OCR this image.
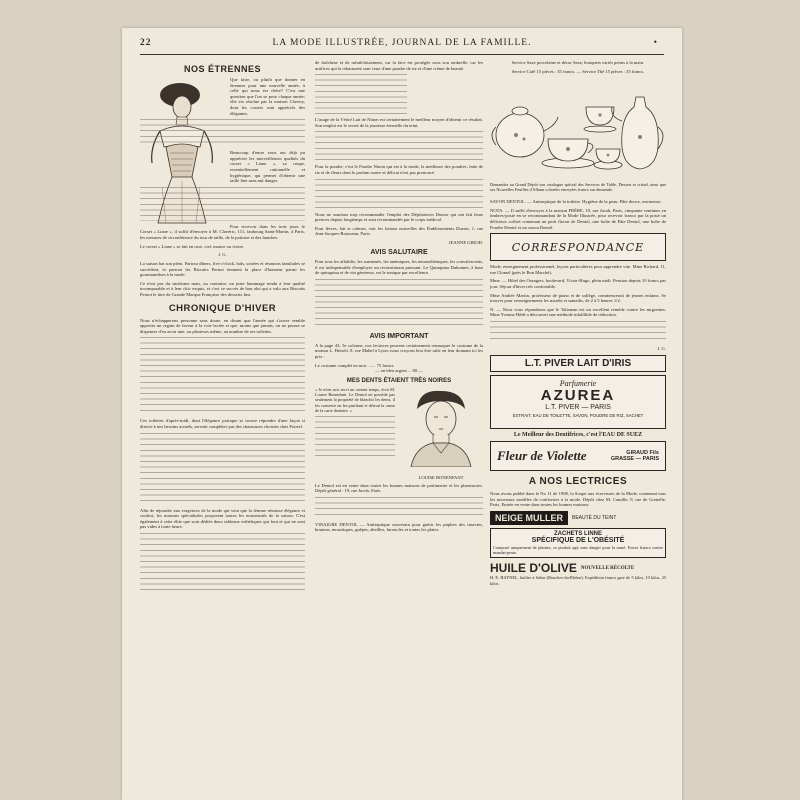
22	LA MODE ILLUSTRÉE, JOURNAL DE LA FAMILLE.	•
NOS ÉTRENNES

Que faire, ou plutôt que donner en étrennes pour une nouvelle année, à celle qui nous est chère? C'est une question que l'on se pose chaque année; elle est résolue par la maison Clavery, dont les corsets sont appréciés des élégantes.

Beaucoup d'entre vous ont déjà pu apprécier les merveilleuses qualités du corset « Liane », sa coupe, essentiellement rationnelle et hygiénique, qui permet d'obtenir une taille fine sans nul danger.

Pour recevoir dans les trois jours le Corset « Liane », il suffit d'envoyer à M. Clavéric, 111, faubourg Saint-Martin, à Paris, les mesures de circonférence du tour de taille, de la poitrine et des hanches.

Le corset « Liane » se fait en rose, ciel, mauve ou ivoire.

J. G.

La saison bat son plein. Partout dîners, five o'clock, bals, soirées et réunions familiales se succèdent, et partout les Biscuits Pernot tiennent la place d'honneur parmi les gourmandises à la mode.

Ce n'est pas du snobisme mais, au contraire, un juste hommage rendu à leur qualité incomparable et à leur chic exquis, et c'est ce succès de bon aloi qui a valu aux Biscuits Pernot le titre de Grande Marque Française des desserts fins.

CHRONIQUE D'HIVER

Nous n'échapperons personne sans doute, en disant que l'année qui s'ouvre semble apporter un regain de faveur à la voie lactée et que, moins que jamais, on ne pourra se dispenser d'en avoir une, ou plusieurs même, au nombre de ses toilettes.

Ces toilettes d'après-midi, dont l'élégance pratique se trouve répondre d'une façon si directe à nos besoins actuels, servent complètes par des chaussures choisies chez Poirrel.

Afin de répondre aux exigences de la mode qui veut que la femme réunisse élégance et confort, les maisons spécialisées proposent toutes les nouveautés de la saison. C'est également à cette élite que sont dédiés deux tableaux esthétiques qui font et qui ne sont pas vides à toute heure.

de fraîcheur et de rafraîchissement, car la face est protégée sous son ombrelle, car les artifices qui la rehaussent sont ceux d'une poudre de riz et d'une crème de beauté.

L'usage de la Vérité Lait de Ninon est certainement le meilleur moyen d'obtenir ce résultat. Son emploi est le secret de la jeunesse éternelle du teint.

Pour la poudre, c'est le Poudre Ninon qui est à la mode, la meilleure des poudres, faite de riz et de fleurs dont le parfum suave et délicat n'est pas prononcé.

Nous ne saurions trop recommander l'emploi des Dépilatoires Dusser qui ont fait leurs preuves depuis longtemps et sont recommandés par le corps médical.

Pour lèvres, lait et crèmes, voir les lotions nouvelles des Établissements Dusser, 1, rue Jean-Jacques-Rousseau, Paris.

JEANNE GIROD.
AVIS SALUTAIRE

Pour tous les affaiblis, les surmenés, les anémiques, les neurasthéniques, les convalescents, il est indispensable d'employer un reconstituant puissant. Le Quinquina Dubonnet, à base de quinquina et de vin généreux, est le tonique par excellence.

AVIS IMPORTANT

A la page 43, 5e colonne, nos lectrices peuvent certainement remarquer le costume de la maison L. Heiseli, 8, rue Mabel à Lyon; nous croyons leur être utile en leur donnant ici les prix :

Le costume complet en noir ....... 75 francs

— en bleu argent ... 80 —

MES DENTS ÉTAIENT TRÈS NOIRES

« Je m'en suis servi un certain temps, écrit M. Louise Bonenfant. Le Dentol ne possède pas seulement la propriété de blanchir les dents, il les conserve en les purifiant et détruit la cause de la carie dentaire. »

LOUISE BONENFANT

Le Dentol est en vente dans toutes les bonnes maisons de parfumerie et les pharmacies. Dépôt général : 19, rue Jacob, Paris.

VINAIGRE DENTOL — Antiseptique souverain pour guérir les piqûres des insectes, boutons, moustiques, guêpes, abeilles, furoncles et toutes les plaies.

Service Saxe porcelaine et décor Saxe, bouquets variés peints à la main.

Service Café 15 pièces : 35 francs. — Service Thé 15 pièces : 35 francs.

Demandez au Grand Dépôt son catalogue spécial des Services de Table, Dessert et cristal, ainsi que ses Nouvelles Feuilles d'Album colorées envoyées franco sur demande.

SAVON DENTOL. — Antiseptique de la toilette. Hygiène de la peau. Pâte douce, onctueuse.

NOTA. — Il suffit d'envoyer à la maison FRÈRE, 19, rue Jacob, Paris, cinquante centimes en timbres-poste en se recommandant de la Mode Illustrée, pour recevoir franco par la poste un délicieux coffret contenant un petit flacon de Dentol, une boîte de Pâte Dentol, une boîte de Poudre Dentol et un savon Dentol.

CORRESPONDANCE

Mode, enseignement professionnel, leçons particulières pour apprendre vite. Mme Richard, 11, rue Clomel (près le Bon Marché).

Mme. — Hôtel des Orangers, boulevard, Victor-Hugo, plein midi. Pension depuis 10 francs par jour. Séjour d'hiver très confortable.

Mme Andrée Martin, professeur de piano et de solfège, commencerait de jeunes enfants. Se trouver pour renseignements les mardis et samedis, de 2 à 5 heures 1/2.

N. — Nous vous répondrons que le Talisman est un excellent remède contre les migraines. Mme Yvonne Hédé a découvert une méthode infaillible de réduction.

J. G.
L.T. PIVER LAIT D'IRIS
Parfumerie
AZUREA
L.T. PIVER — PARIS
EXTRAIT, EAU DE TOILETTE, SAVON, POUDRE DE RIZ, SACHET
Le Meilleur des Dentifrices, c'est l'EAU DE SUEZ
Fleur de Violette	GIRAUD Fils
GRASSE — PARIS
A NOS LECTRICES

Nous avons publié dans le No 11 de 1908, la Soupe aux écrevisses de la Mode, contenant tous les nouveaux modèles de confiseries à la mode. Dépôt chez M. Camille, 9, rue de Grenelle, Paris. Entrée en vente dans toutes les bonnes maisons.

NEIGE MULLER	BEAUTÉ DU TEINT
ZACHETS LINNE
SPÉCIFIQUE DE L'OBÉSITÉ

Composé uniquement de plantes, ce produit agit sans danger pour la santé. Envoi franco contre mandat-poste.

HUILE D'OLIVE NOUVELLE RÉCOLTE

H. E. HAYNEL, huilier à Salon (Bouches-du-Rhône). Expédition franco gare de 5 kilos, 10 kilos, 25 kilos.
